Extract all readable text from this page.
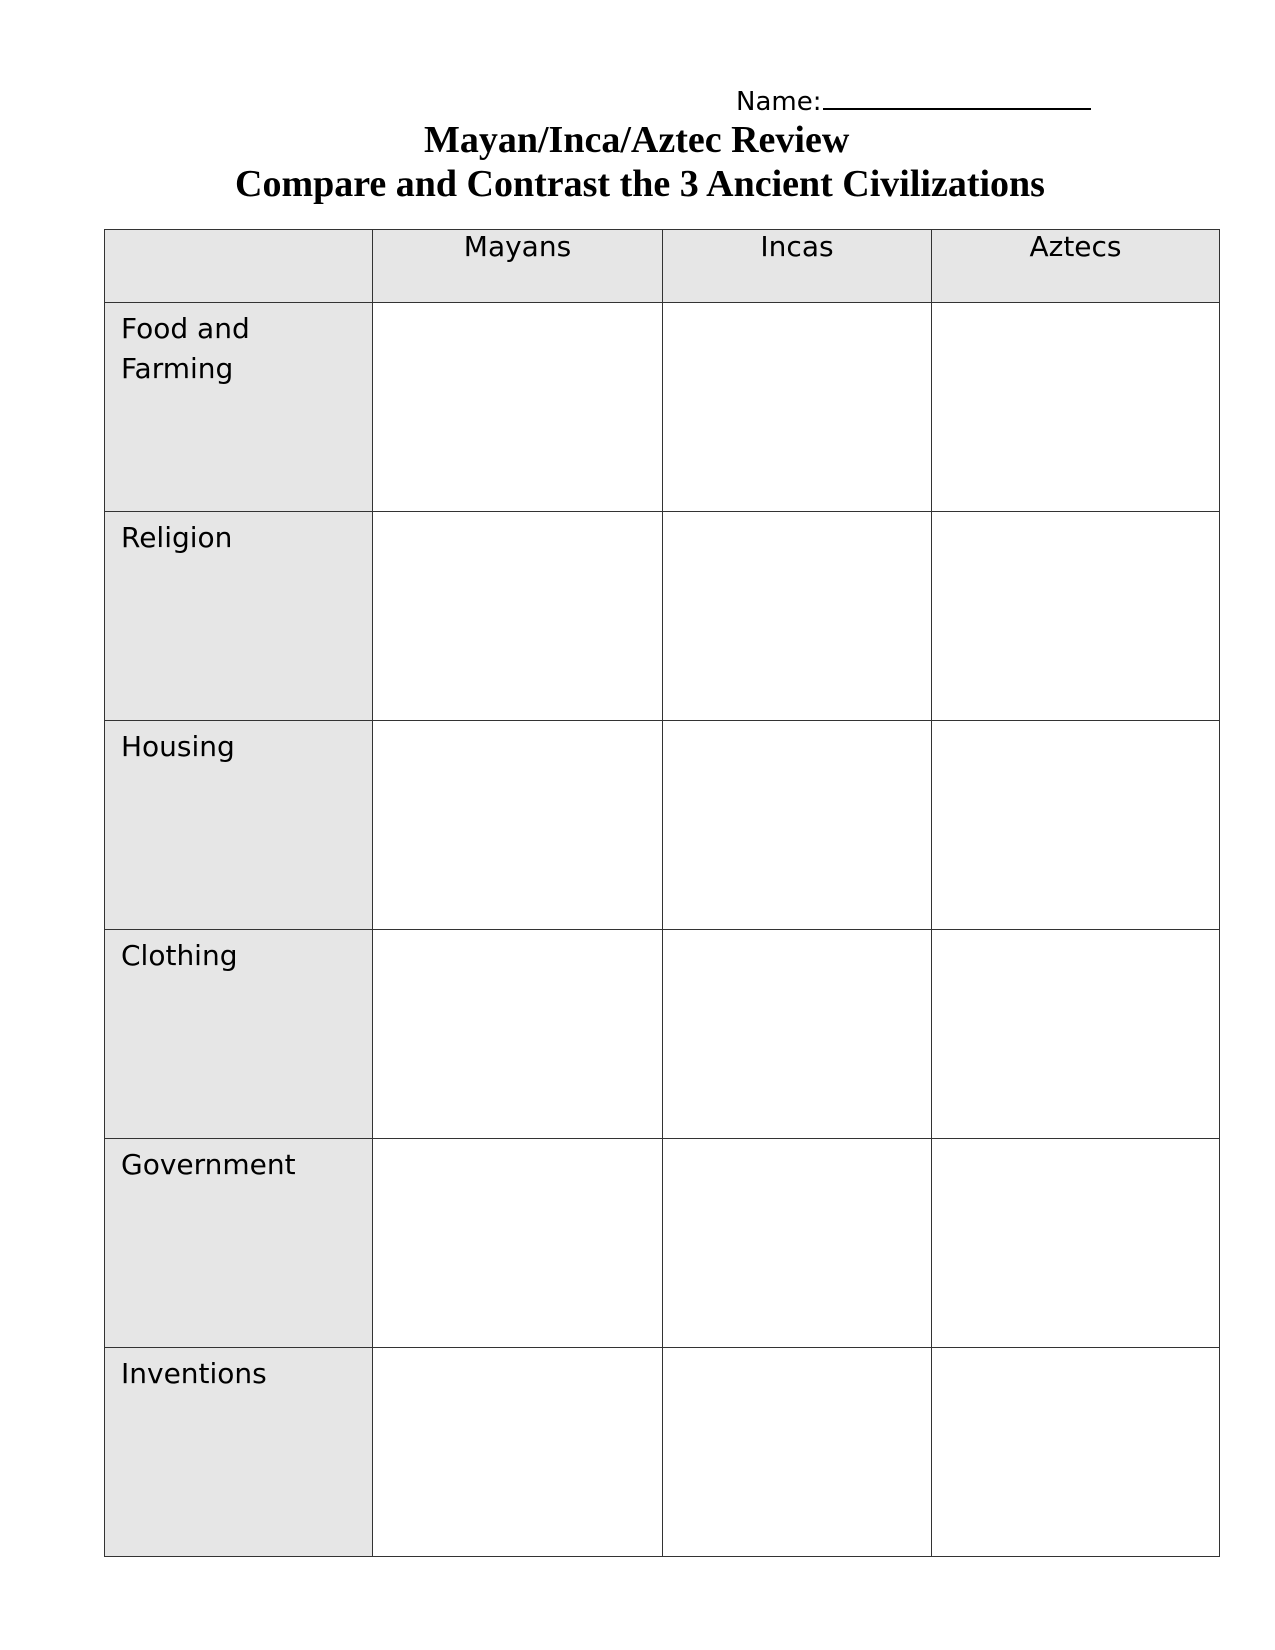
Name:
Mayan/Inca/Aztec Review
Compare and Contrast the 3 Ancient Civilizations
	Mayans	Incas	Aztecs

Food and Farming			

Religion			

Housing			

Clothing			

Government			

Inventions			
